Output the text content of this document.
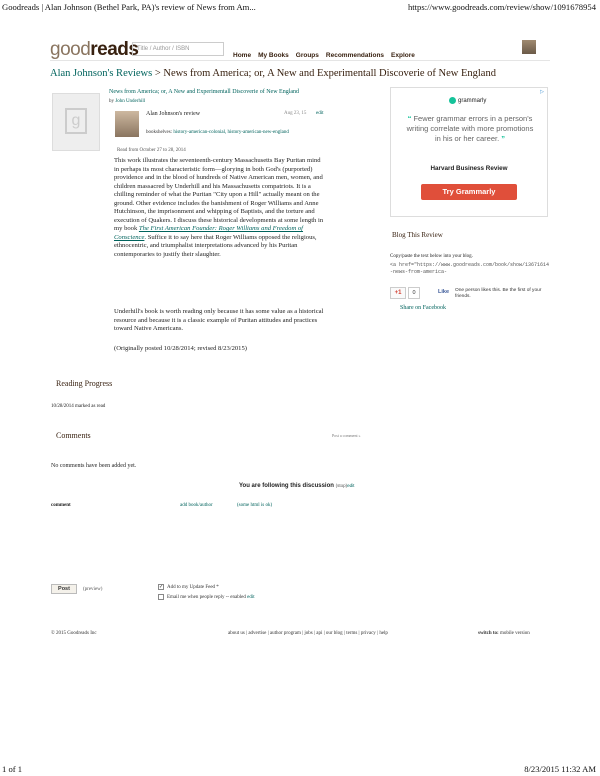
Goodreads | Alan Johnson (Bethel Park, PA)'s review of News from Am...	https://www.goodreads.com/review/show/1091678954
goodreads
Title / Author / ISBN
Home My Books Groups Recommendations Explore
Alan Johnson's Reviews > News from America; or, A New and Experimentall Discoverie of New England
g
News from America; or, A New and Experimentall Discoverie of New England
by John Underhill
Alan Johnson's review	Aug 23, 15 edit
bookshelves: history-american-colonial, history-american-new-england
Read from October 27 to 28, 2014
This work illustrates the seventeenth-century Massachusetts Bay Puritan mind in perhaps its most characteristic form—glorying in both God's (purported) providence and in the blood of hundreds of Native American men, women, and children massacred by Underhill and his Massachusetts compatriots. It is a chilling reminder of what the Puritan "City upon a Hill" actually meant on the ground. Other evidence includes the banishment of Roger Williams and Anne Hutchinson, the imprisonment and whipping of Baptists, and the torture and execution of Quakers. I discuss these historical developments at some length in my book The First American Founder: Roger Williams and Freedom of Conscience. Suffice it to say here that Roger Williams opposed the religious, ethnocentric, and triumphalist interpretations advanced by his Puritan contemporaries to justify their slaughter.
Underhill's book is worth reading only because it has some value as a historical resource and because it is a classic example of Puritan attitudes and practices toward Native Americans.
(Originally posted 10/28/2014; revised 8/23/2015)
▷
grammarly
“ Fewer grammar errors in a person's writing correlate with more promotions in his or her career. ”
Harvard Business Review
Try Grammarly
Blog This Review
Copy/paste the text below into your blog.
<a href="https://www.goodreads.com/book/show/13671614-news-from-america-
+1	0	Like One person likes this. Be the first of your friends.
Share on Facebook
Reading Progress
10/28/2014 marked as read
Comments	Post a comment »
No comments have been added yet.
You are following this discussion (stop)edit
comment	add book/author	(some html is ok)
Post	(preview)	✓ Add to my Update Feed *
Email me when people reply -- enabled edit
© 2015 Goodreads Inc	about us | advertise | author program | jobs | api | our blog | terms | privacy | help	switch to: mobile version
1 of 1	8/23/2015 11:32 AM
